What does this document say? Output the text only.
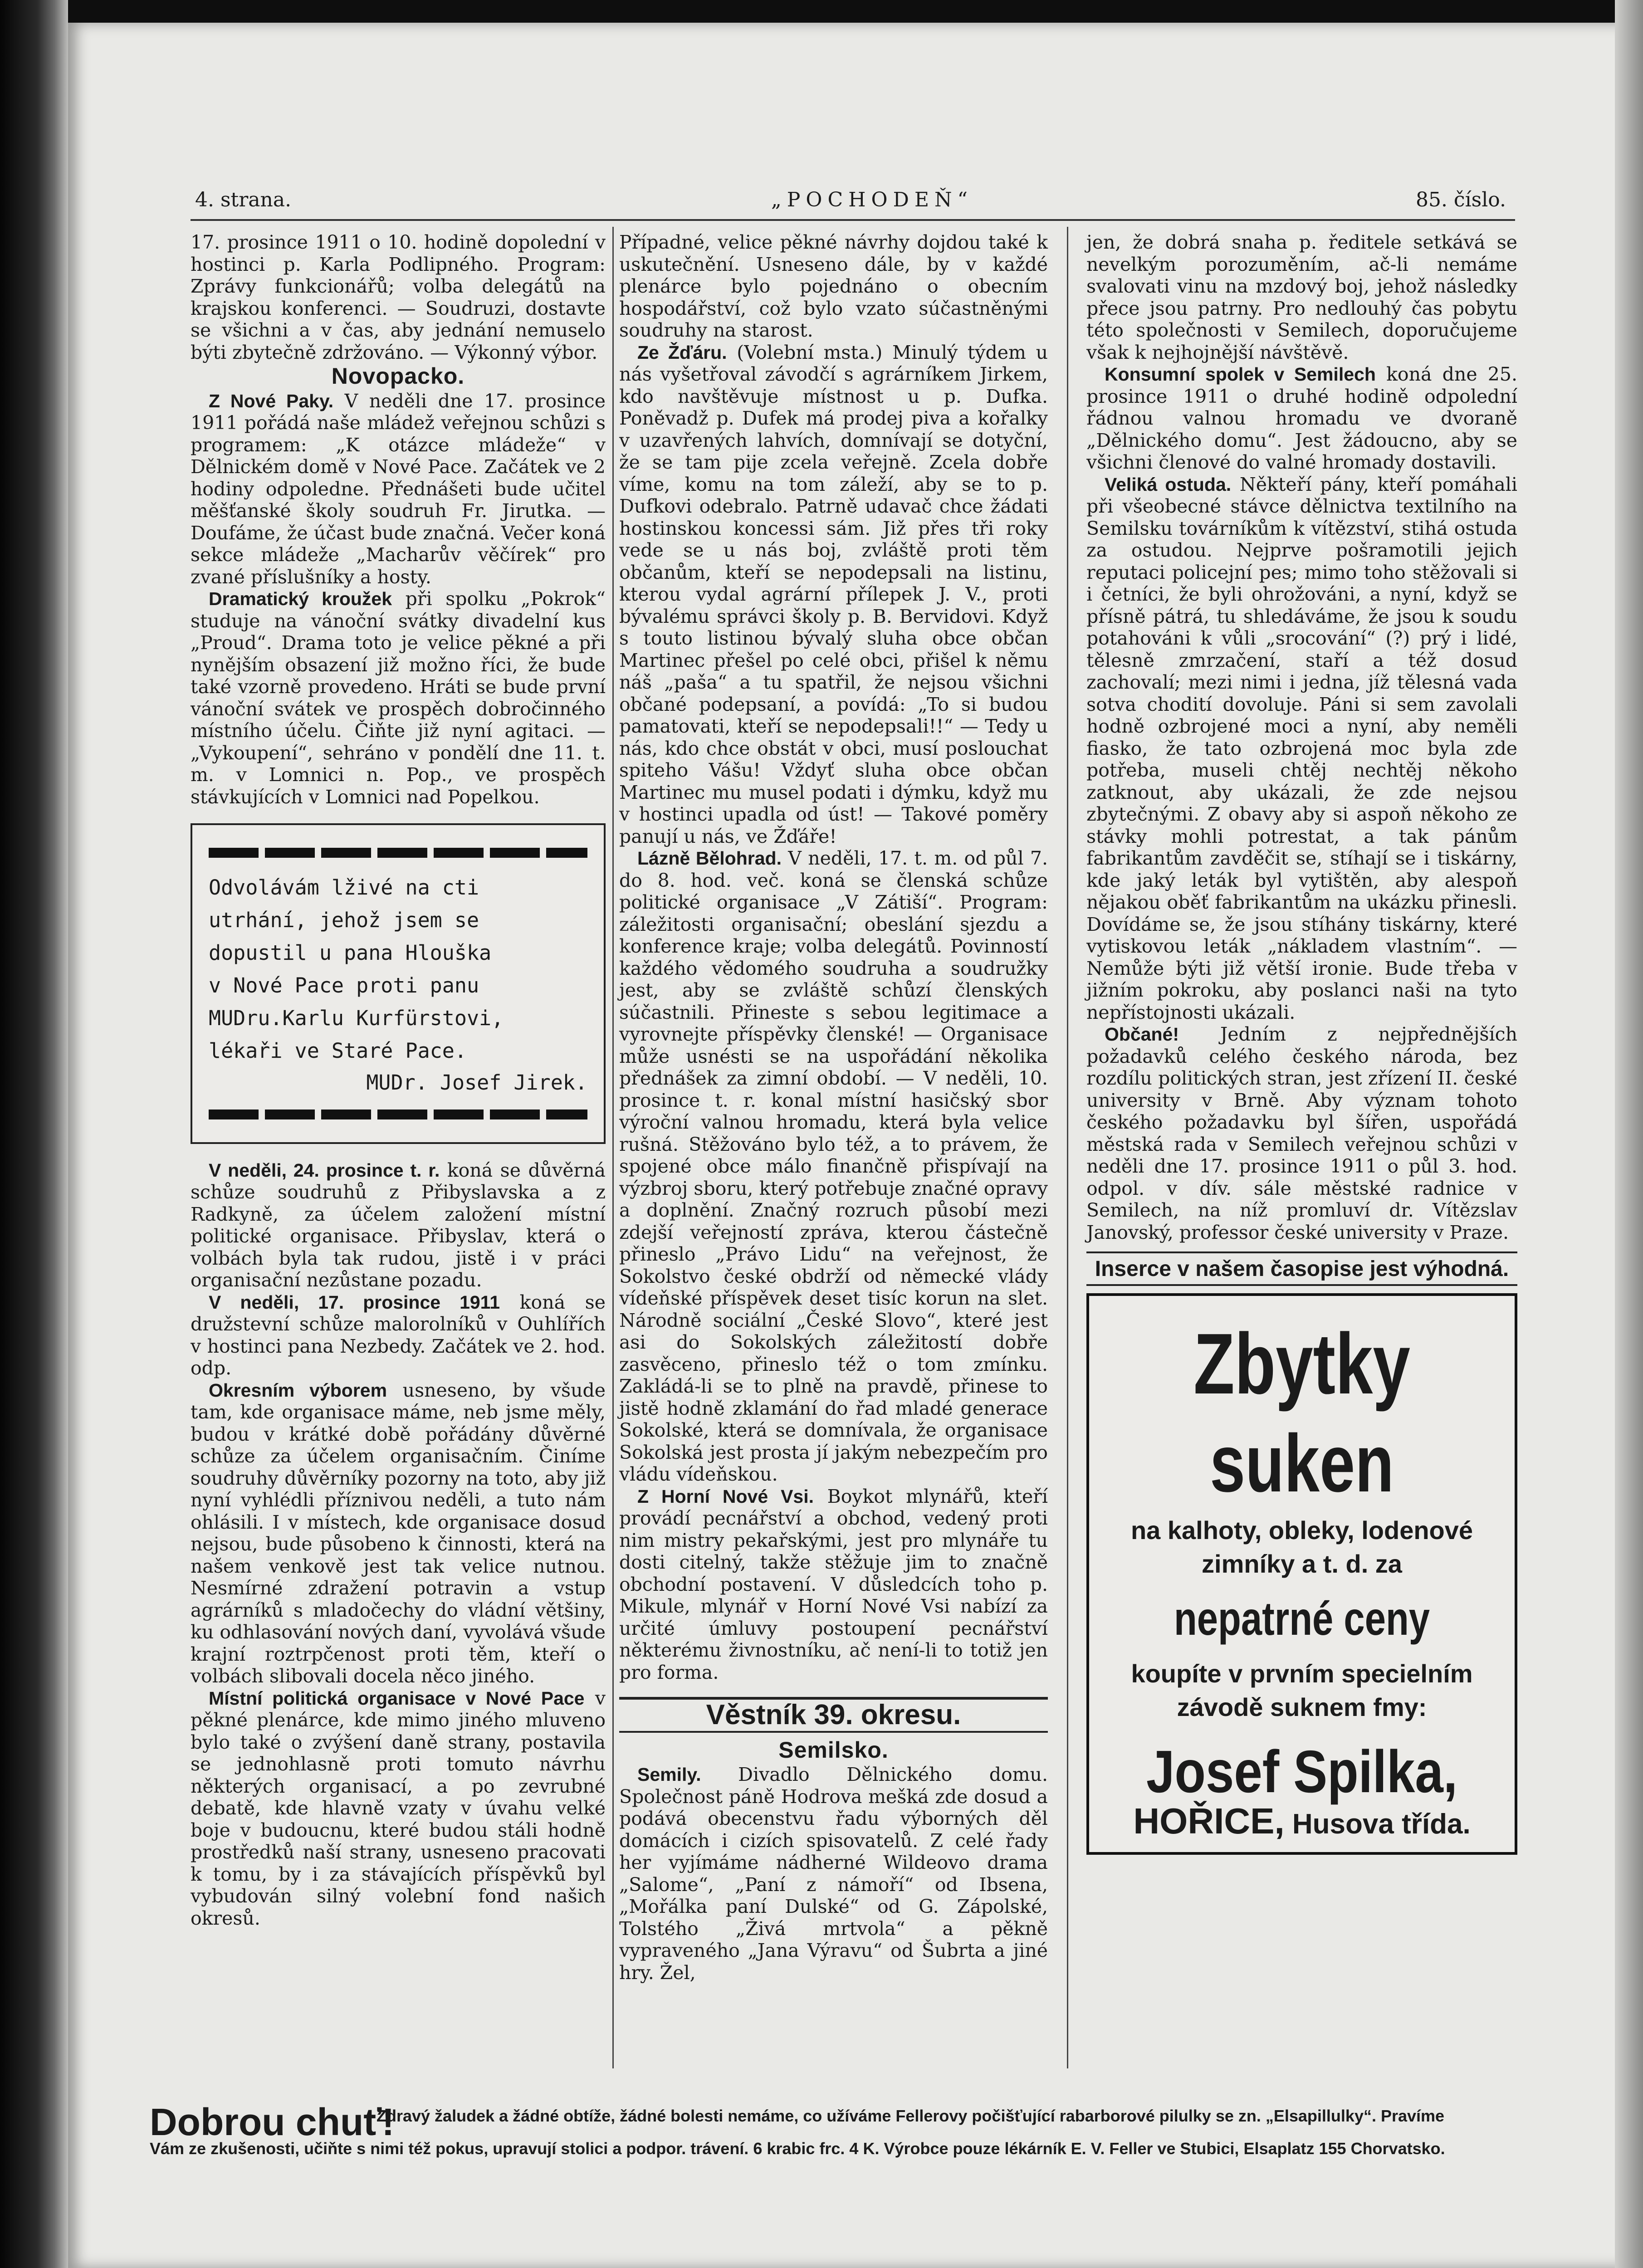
4. strana.	„POCHODEŇ“	85. číslo.

17. prosince 1911 o 10. hodině dopolední v hostinci p. Karla Podlipného. Program: Zprávy funkcionářů; volba delegátů na krajskou konferenci. — Soudruzi, dostavte se všichni a v čas, aby jednání nemuselo býti zbytečně zdržováno. — Výkonný výbor.

Novopacko.

Z Nové Paky. V neděli dne 17. prosince 1911 pořádá naše mládež veřejnou schůzi s programem: „K otázce mládeže“ v Dělnickém domě v Nové Pace. Začátek ve 2 hodiny odpoledne. Přednášeti bude učitel měšťanské školy soudruh Fr. Jirutka. — Doufáme, že účast bude značná. Večer koná sekce mládeže „Macharův věčírek“ pro zvané příslušníky a hosty.

Dramatický kroužek při spolku „Pokrok“ studuje na vánoční svátky divadelní kus „Proud“. Drama toto je velice pěkné a při nynějším obsazení již možno říci, že bude také vzorně provedeno. Hráti se bude první vánoční svátek ve prospěch dobročinného místního účelu. Čiňte již nyní agitaci. — „Vykoupení“, sehráno v pondělí dne 11. t. m. v Lomnici n. Pop., ve prospěch stávkujících v Lomnici nad Popelkou.

Odvolávám lživé na cti
utrhání, jehož jsem se
dopustil u pana Hlouška
v Nové Pace proti panu
MUDru.Karlu Kurfürstovi,
lékaři ve Staré Pace.
MUDr. Josef Jirek.

V neděli, 24. prosince t. r. koná se důvěrná schůze soudruhů z Přibyslavska a z Radkyně, za účelem založení místní politické organisace. Přibyslav, která o volbách byla tak rudou, jistě i v práci organisační nezůstane pozadu.

V neděli, 17. prosince 1911 koná se družstevní schůze malorolníků v Ouhlířích v hostinci pana Nezbedy. Začátek ve 2. hod. odp.

Okresním výborem usneseno, by všude tam, kde organisace máme, neb jsme měly, budou v krátké době pořádány důvěrné schůze za účelem organisačním. Činíme soudruhy důvěrníky pozorny na toto, aby již nyní vyhlédli příznivou neděli, a tuto nám ohlásili. I v místech, kde organisace dosud nejsou, bude působeno k činnosti, která na našem venkově jest tak velice nutnou. Nesmírné zdražení potravin a vstup agrárníků s mladočechy do vládní většiny, ku odhlasování nových daní, vyvolává všude krajní roztrpčenost proti těm, kteří o volbách slibovali docela něco jiného.

Místní politická organisace v Nové Pace v pěkné plenárce, kde mimo jiného mluveno bylo také o zvýšení daně strany, postavila se jednohlasně proti tomuto návrhu některých organisací, a po zevrubné debatě, kde hlavně vzaty v úvahu velké boje v budoucnu, které budou stáli hodně prostředků naší strany, usneseno pracovati k tomu, by i za stávajících příspěvků byl vybudován silný volební fond našich okresů.

Případné, velice pěkné návrhy dojdou také k uskutečnění. Usneseno dále, by v každé plenárce bylo pojednáno o obecním hospodářství, což bylo vzato súčastněnými soudruhy na starost.

Ze Žďáru. (Volební msta.) Minulý týdem u nás vyšetřoval závodčí s agrárníkem Jirkem, kdo navštěvuje místnost u p. Dufka. Poněvadž p. Dufek má prodej piva a kořalky v uzavřených lahvích, domnívají se dotyční, že se tam pije zcela veřejně. Zcela dobře víme, komu na tom záleží, aby se to p. Dufkovi odebralo. Patrně udavač chce žádati hostinskou koncessi sám. Již přes tři roky vede se u nás boj, zvláště proti těm občanům, kteří se nepodepsali na listinu, kterou vydal agrární přílepek J. V., proti bývalému správci školy p. B. Bervidovi. Když s touto listinou bývalý sluha obce občan Martinec přešel po celé obci, přišel k němu náš „paša“ a tu spatřil, že nejsou všichni občané podepsaní, a povídá: „To si budou pamatovati, kteří se nepodepsali!!“ — Tedy u nás, kdo chce obstát v obci, musí poslouchat spiteho Vášu! Vždyť sluha obce občan Martinec mu musel podati i dýmku, když mu v hostinci upadla od úst! — Takové poměry panují u nás, ve Žďáře!

Lázně Bělohrad. V neděli, 17. t. m. od půl 7. do 8. hod. več. koná se členská schůze politické organisace „V Zátiší“. Program: záležitosti organisační; obeslání sjezdu a konference kraje; volba delegátů. Povinností každého vědomého soudruha a soudružky jest, aby se zvláště schůzí členských súčastnili. Přineste s sebou legitimace a vyrovnejte příspěvky členské! — Organisace může usnésti se na uspořádání několika přednášek za zimní období. — V neděli, 10. prosince t. r. konal místní hasičský sbor výroční valnou hromadu, která byla velice rušná. Stěžováno bylo též, a to právem, že spojené obce málo finančně přispívají na výzbroj sboru, který potřebuje značné opravy a doplnění. Značný rozruch působí mezi zdejší veřejností zpráva, kterou částečně přineslo „Právo Lidu“ na veřejnost, že Sokolstvo české obdrží od německé vlády vídeňské příspěvek deset tisíc korun na slet. Národně sociální „České Slovo“, které jest asi do Sokolských záležitostí dobře zasvěceno, přineslo též o tom zmínku. Zakládá-li se to plně na pravdě, přinese to jistě hodně zklamání do řad mladé generace Sokolské, která se domnívala, že organisace Sokolská jest prosta jí jakým nebezpečím pro vládu vídeňskou.

Z Horní Nové Vsi. Boykot mlynářů, kteří provádí pecnářství a obchod, vedený proti nim mistry pekařskými, jest pro mlynáře tu dosti citelný, takže stěžuje jim to značně obchodní postavení. V důsledcích toho p. Mikule, mlynář v Horní Nové Vsi nabízí za určité úmluvy postoupení pecnářství některému živnostníku, ač není-li to totiž jen pro forma.

Věstník 39. okresu.
Semilsko.

Semily. Divadlo Dělnického domu. Společnost páně Hodrova mešká zde dosud a podává obecenstvu řadu výborných děl domácích i cizích spisovatelů. Z celé řady her vyjímáme nádherné Wildeovo drama „Salome“, „Paní z námoří“ od Ibsena, „Mořálka paní Dulské“ od G. Zápolské, Tolstého „Živá mrtvola“ a pěkně vypraveného „Jana Výravu“ od Šubrta a jiné hry. Žel,

jen, že dobrá snaha p. ředitele setkává se nevelkým porozuměním, ač-li nemáme svalovati vinu na mzdový boj, jehož následky přece jsou patrny. Pro nedlouhý čas pobytu této společnosti v Semilech, doporučujeme však k nejhojnější návštěvě.

Konsumní spolek v Semilech koná dne 25. prosince 1911 o druhé hodině odpolední řádnou valnou hromadu ve dvoraně „Dělnického domu“. Jest žádoucno, aby se všichni členové do valné hromady dostavili.

Veliká ostuda. Někteří pány, kteří pomáhali při všeobecné stávce dělnictva textilního na Semilsku továrníkům k vítězství, stihá ostuda za ostudou. Nejprve pošramotili jejich reputaci policejní pes; mimo toho stěžovali si i četníci, že byli ohrožováni, a nyní, když se přísně pátrá, tu shledáváme, že jsou k soudu potahováni k vůli „srocování“ (?) prý i lidé, tělesně zmrzačení, staří a též dosud zachovalí; mezi nimi i jedna, jíž tělesná vada sotva chodití dovoluje. Páni si sem zavolali hodně ozbrojené moci a nyní, aby neměli fiasko, že tato ozbrojená moc byla zde potřeba, museli chtěj nechtěj někoho zatknout, aby ukázali, že zde nejsou zbytečnými. Z obavy aby si aspoň někoho ze stávky mohli potrestat, a tak pánům fabrikantům zavděčit se, stíhají se i tiskárny, kde jaký leták byl vytištěn, aby alespoň nějakou oběť fabrikantům na ukázku přinesli. Dovídáme se, že jsou stíhány tiskárny, které vytiskovou leták „nákladem vlastním“. — Nemůže býti již větší ironie. Bude třeba v jižním pokroku, aby poslanci naši na tyto nepřístojnosti ukázali.

Občané! Jedním z nejpřednějších požadavků celého českého národa, bez rozdílu politických stran, jest zřízení II. české university v Brně. Aby význam tohoto českého požadavku byl šířen, uspořádá městská rada v Semilech veřejnou schůzi v neděli dne 17. prosince 1911 o půl 3. hod. odpol. v dív. sále městské radnice v Semilech, na níž promluví dr. Vítězslav Janovský, professor české university v Praze.

Inserce v našem časopise jest výhodná.
Zbytky
suken
na kalhoty, obleky, lodenové zimníky a t. d. za
nepatrné ceny
koupíte v prvním specielním závodě suknem fmy:
Josef Spilka,
HOŘICE, Husova třída.
Dobrou chuť!
Zdravý žaludek a žádné obtíže, žádné bolesti nemáme, co užíváme Fellerovy počišťující rabarborové pilulky se zn. „Elsapillulky“. Pravíme
Vám ze zkušenosti, učiňte s nimi též pokus, upravují stolici a podpor. trávení. 6 krabic frc. 4 K. Výrobce pouze lékárník E. V. Feller ve Stubici, Elsaplatz 155 Chorvatsko.
